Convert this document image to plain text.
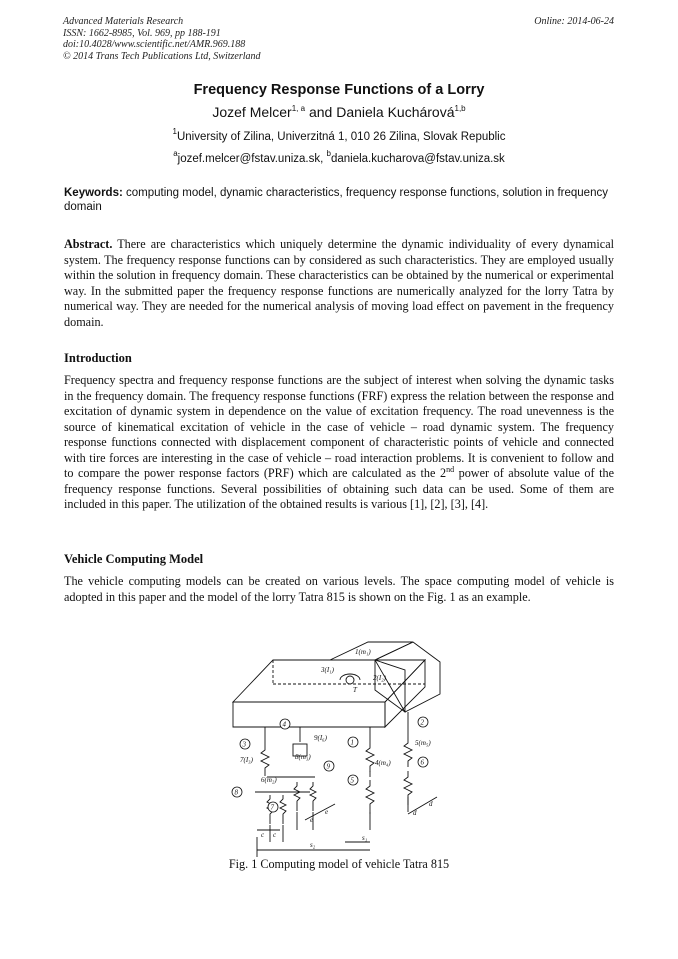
Advanced Materials Research
ISSN: 1662-8985, Vol. 969, pp 188-191
doi:10.4028/www.scientific.net/AMR.969.188
© 2014 Trans Tech Publications Ltd, Switzerland
Online: 2014-06-24
Frequency Response Functions of a Lorry
Jozef Melcer$^{1, a}$ and Daniela Kuchárová$^{1,b}$
$^1$University of Zilina, Univerzitná 1, 010 26 Zilina, Slovak Republic
$^a$jozef.melcer@fstav.uniza.sk, $^b$daniela.kucharova@fstav.uniza.sk
Keywords: computing model, dynamic characteristics, frequency response functions, solution in frequency domain
Abstract. There are characteristics which uniquely determine the dynamic individuality of every dynamical system. The frequency response functions can by considered as such characteristics. They are employed usually within the solution in frequency domain. These characteristics can be obtained by the numerical or experimental way. In the submitted paper the frequency response functions are numerically analyzed for the lorry Tatra by numerical way. They are needed for the numerical analysis of moving load effect on pavement in the frequency domain.
Introduction
Frequency spectra and frequency response functions are the subject of interest when solving the dynamic tasks in the frequency domain. The frequency response functions (FRF) express the relation between the response and excitation of dynamic system in dependence on the value of excitation frequency. The road unevenness is the source of kinematical excitation of vehicle in the case of vehicle – road dynamic system. The frequency response functions connected with displacement component of characteristic points of vehicle and connected with tire forces are interesting in the case of vehicle – road interaction problems. It is convenient to follow and to compare the power response factors (PRF) which are calculated as the 2nd power of absolute value of the frequency response functions. Several possibilities of obtaining such data can be used. Some of them are included in this paper. The utilization of the obtained results is various [1], [2], [3], [4].
Vehicle Computing Model
The vehicle computing models can be created on various levels. The space computing model of vehicle is adopted in this paper and the model of the lorry Tatra 815 is shown on the Fig. 1 as an example.
1(m₁)
3(I₁)
2(I₂)
T
9(I₆)
5(m₅)
4(m₄)
7(I₃)
6(m₂)
8(m₃)
c c
e
e	d
d
s₂
s₁
1
2
3
4
5
6
7
8
9
Fig. 1 Computing model of vehicle Tatra 815
